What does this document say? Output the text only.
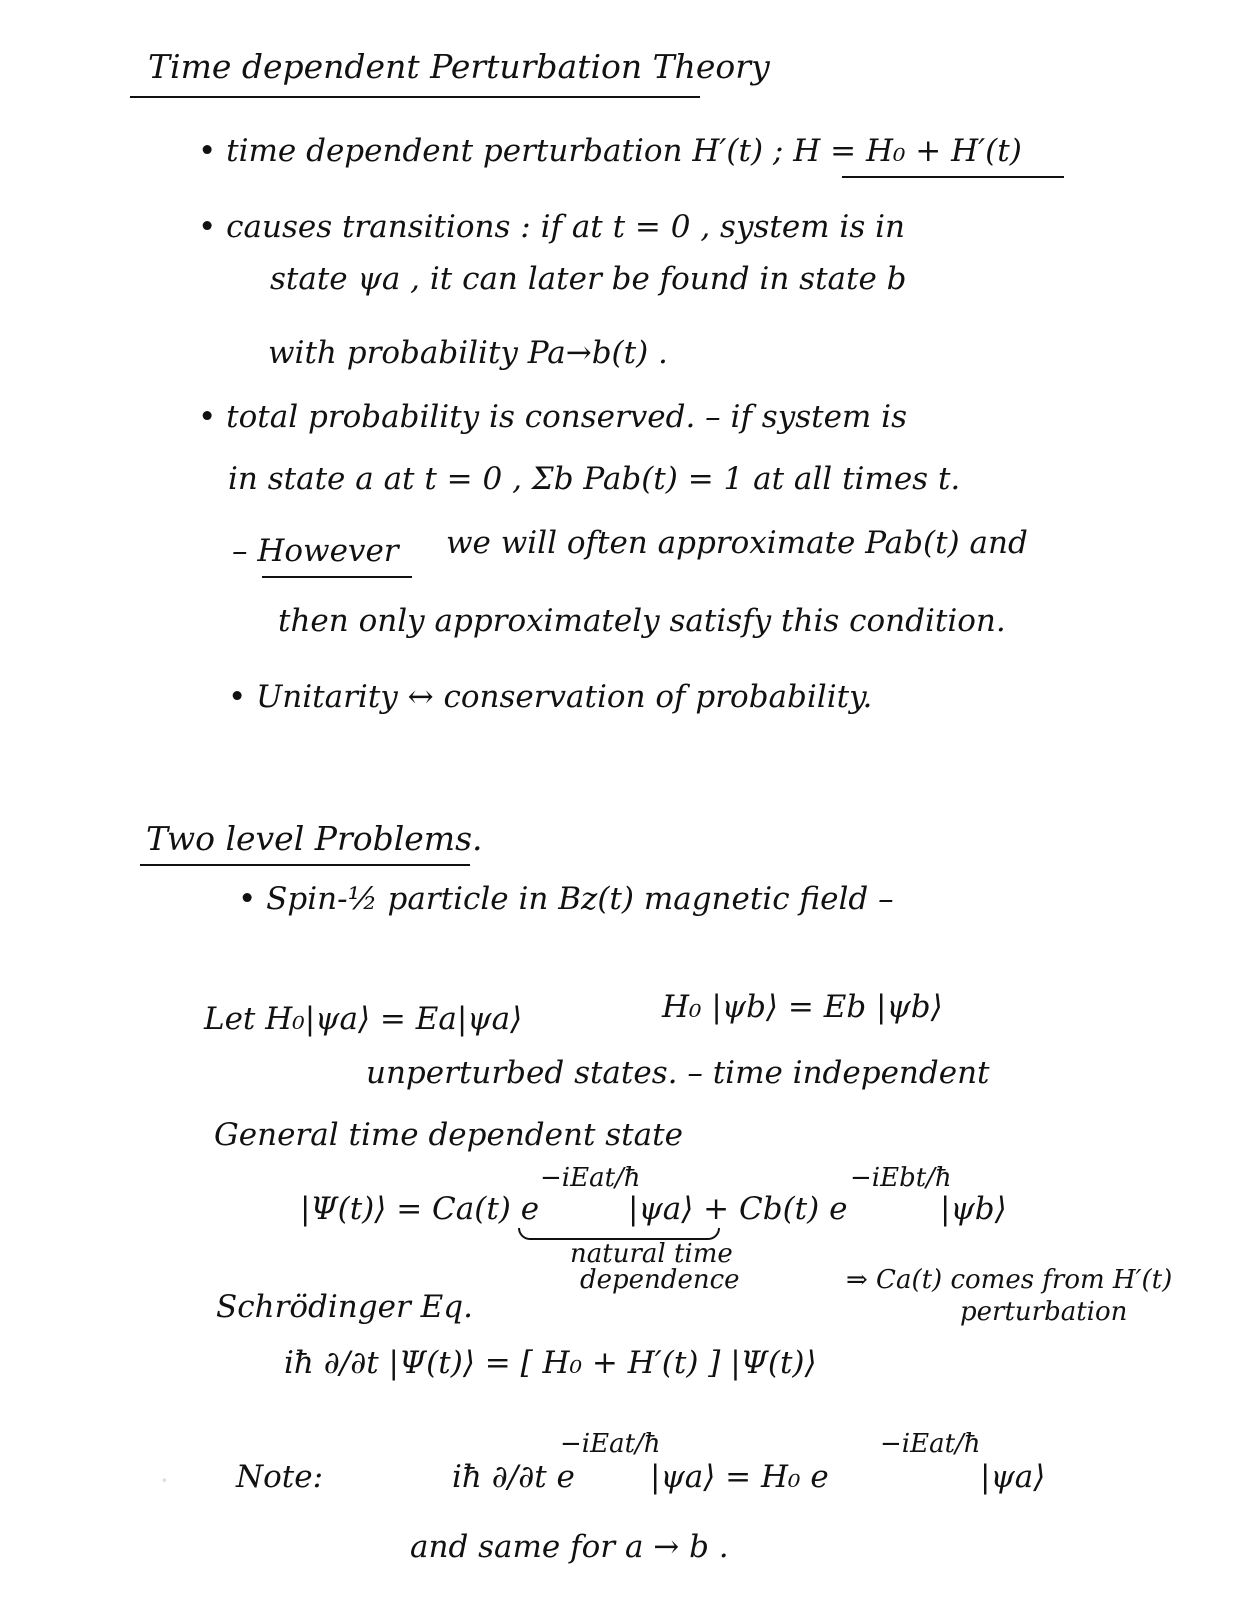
Time dependent Perturbation Theory
• time dependent perturbation H′(t) ; H = H₀ + H′(t)
• causes transitions : if at t = 0 , system is in
state ψa , it can later be found in state b
with probability Pa→b(t) .
• total probability is conserved. – if system is
in state a at t = 0 , Σb Pab(t) = 1 at all times t.
– However we will often approximate Pab(t) and
then only approximately satisfy this condition.
• Unitarity ↔ conservation of probability.
Two level Problems.
• Spin-½ particle in Bz(t) magnetic field –
Let H₀|ψa⟩ = Ea|ψa⟩	H₀ |ψb⟩ = Eb |ψb⟩
unperturbed states. – time independent
General time dependent state
|Ψ(t)⟩ = Ca(t) e
−iEat/ħ
|ψa⟩ + Cb(t) e
−iEbt/ħ
|ψb⟩
natural time
dependence	⇒ Ca(t) comes from H′(t)
perturbation
Schrödinger Eq.
iħ ∂/∂t |Ψ(t)⟩ = [ H₀ + H′(t) ] |Ψ(t)⟩
· Note:	iħ ∂/∂t e
−iEat/ħ
|ψa⟩ = H₀ e
−iEat/ħ
|ψa⟩
and same for a → b .
